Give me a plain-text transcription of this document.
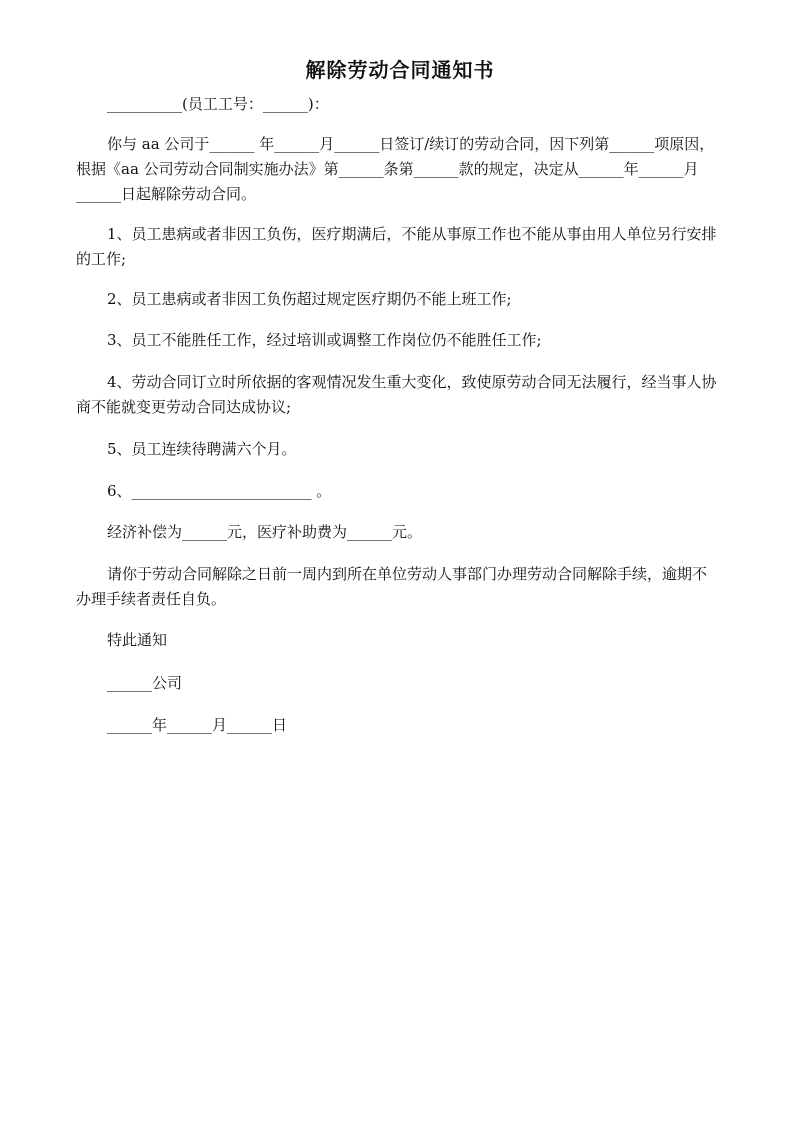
解除劳动合同通知书
__________(员工工号：______)：
你与 aa 公司于______ 年______月______日签订/续订的劳动合同，因下列第______项原因，
根据《aa 公司劳动合同制实施办法》第______条第______款的规定，决定从______年______月
______日起解除劳动合同。
1、员工患病或者非因工负伤，医疗期满后，不能从事原工作也不能从事由用人单位另行安排
的工作;
2、员工患病或者非因工负伤超过规定医疗期仍不能上班工作;
3、员工不能胜任工作，经过培训或调整工作岗位仍不能胜任工作;
4、劳动合同订立时所依据的客观情况发生重大变化，致使原劳动合同无法履行，经当事人协
商不能就变更劳动合同达成协议;
5、员工连续待聘满六个月。
6、________________________ 。
经济补偿为______元，医疗补助费为______元。
请你于劳动合同解除之日前一周内到所在单位劳动人事部门办理劳动合同解除手续，逾期不
办理手续者责任自负。
特此通知
______公司
______年______月______日
